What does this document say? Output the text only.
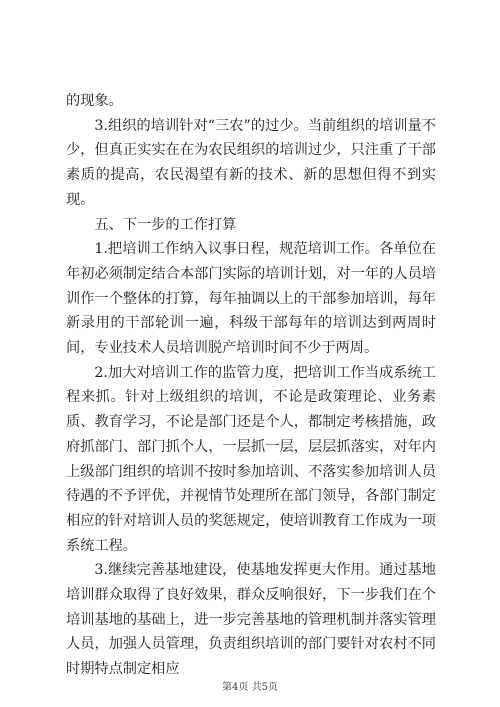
的现象。

3.组织的培训针对“三农”的过少。当前组织的培训量不少，但真正实实在在为农民组织的培训过少，只注重了干部素质的提高，农民渴望有新的技术、新的思想但得不到实现。

五、下一步的工作打算

1.把培训工作纳入议事日程，规范培训工作。各单位在年初必须制定结合本部门实际的培训计划，对一年的人员培训作一个整体的打算，每年抽调以上的干部参加培训，每年新录用的干部轮训一遍，科级干部每年的培训达到两周时间，专业技术人员培训脱产培训时间不少于两周。

2.加大对培训工作的监管力度，把培训工作当成系统工程来抓。针对上级组织的培训，不论是政策理论、业务素质、教育学习，不论是部门还是个人，都制定考核措施，政府抓部门、部门抓个人，一层抓一层，层层抓落实，对年内上级部门组织的培训不按时参加培训、不落实参加培训人员待遇的不予评优，并视情节处理所在部门领导，各部门制定相应的针对培训人员的奖惩规定，使培训教育工作成为一项系统工程。

3.继续完善基地建设，使基地发挥更大作用。通过基地培训群众取得了良好效果，群众反响很好，下一步我们在个培训基地的基础上，进一步完善基地的管理机制并落实管理人员，加强人员管理，负责组织培训的部门要针对农村不同时期特点制定相应

第4页 共5页
